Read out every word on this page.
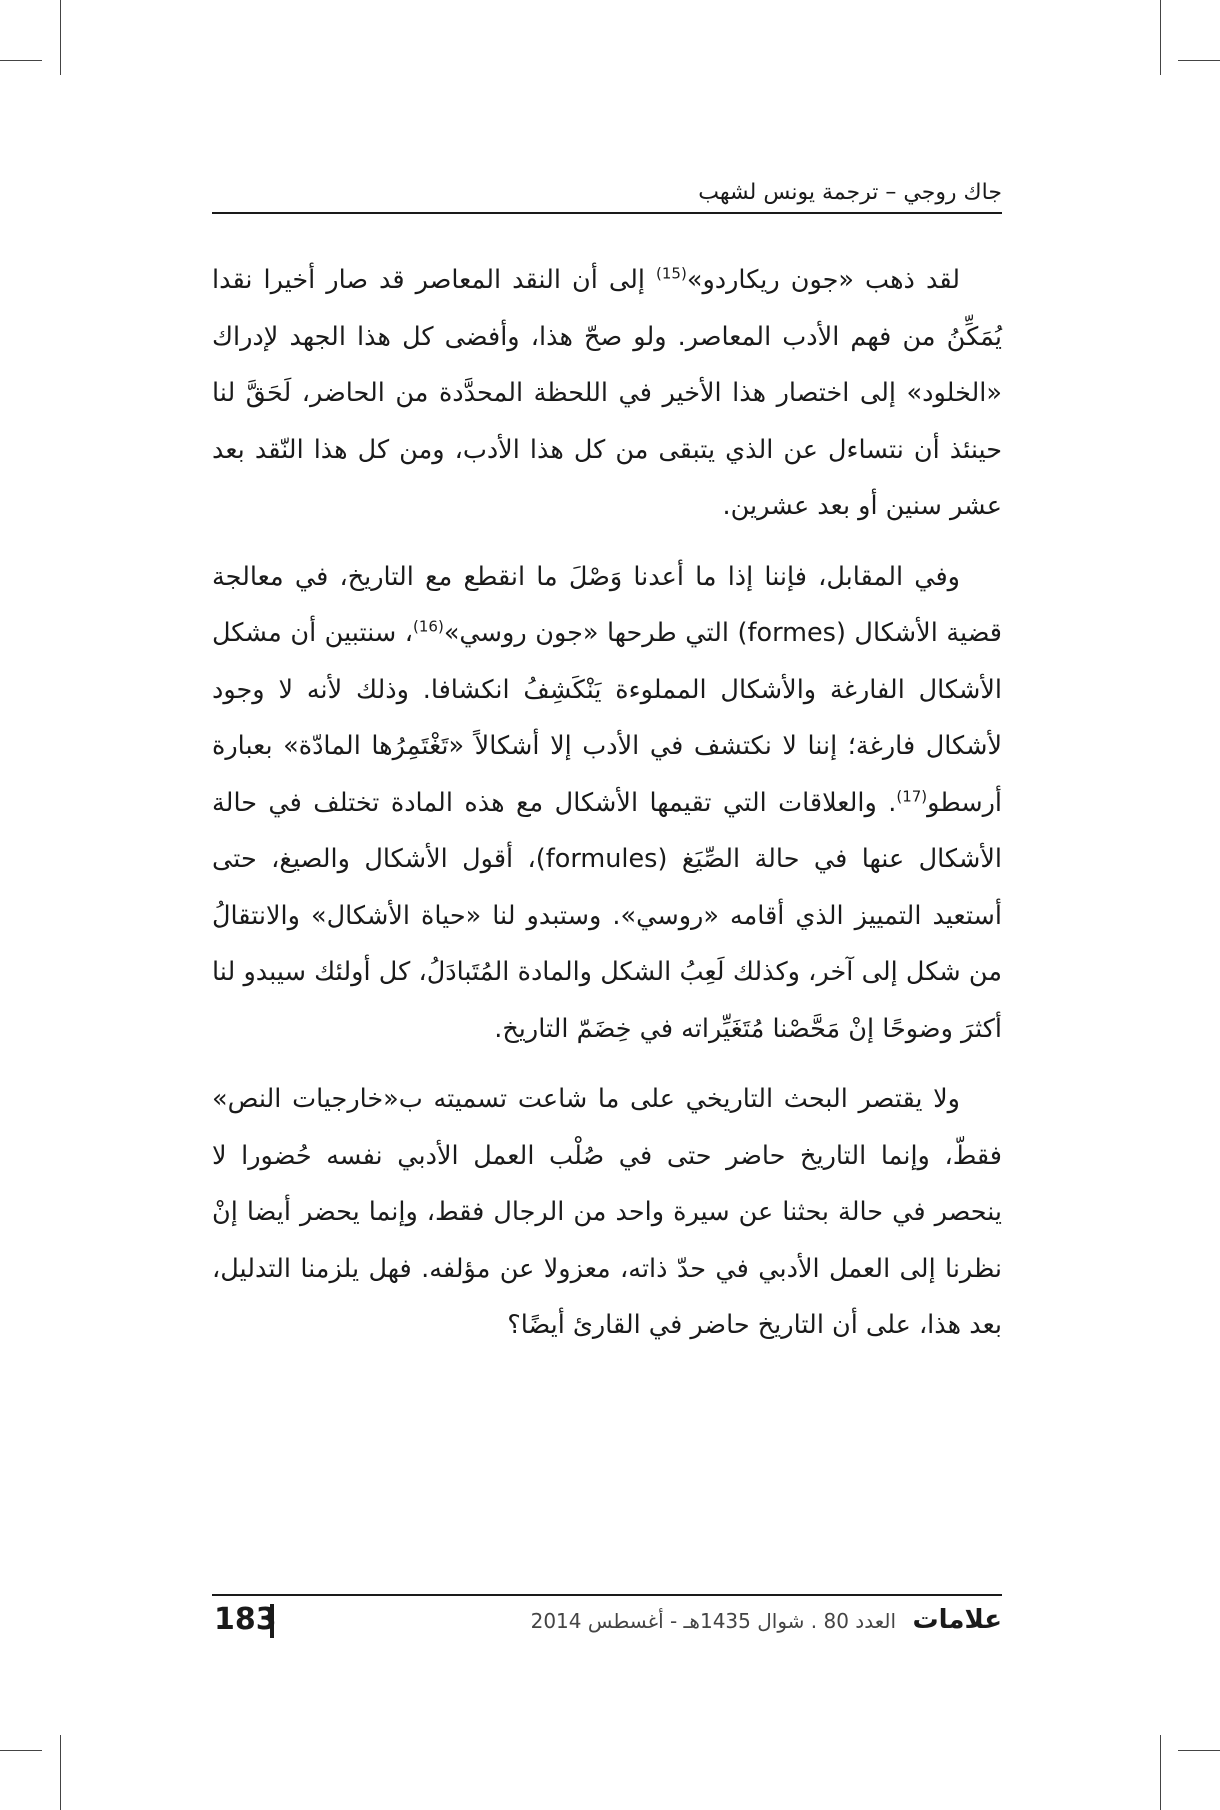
جاك روجي – ترجمة يونس لشهب

لقد ذهب «جون ريكاردو»$^{(15)}$ إلى أن النقد المعاصر قد صار أخيرا نقدا يُمَكِّنُ من فهم الأدب المعاصر. ولو صحّ هذا، وأفضى كل هذا الجهد لإدراك «الخلود» إلى اختصار هذا الأخير في اللحظة المحدَّدة من الحاضر، لَحَقَّ لنا حينئذ أن نتساءل عن الذي يتبقى من كل هذا الأدب، ومن كل هذا النّقد بعد عشر سنين أو بعد عشرين.

وفي المقابل، فإننا إذا ما أعدنا وَصْلَ ما انقطع مع التاريخ، في معالجة قضية الأشكال (formes) التي طرحها «جون روسي»$^{(16)}$، سنتبين أن مشكل الأشكال الفارغة والأشكال المملوءة يَنْكَشِفُ انكشافا. وذلك لأنه لا وجود لأشكال فارغة؛ إننا لا نكتشف في الأدب إلا أشكالاً «تَغْتَمِرُها المادّة» بعبارة أرسطو$^{(17)}$. والعلاقات التي تقيمها الأشكال مع هذه المادة تختلف في حالة الأشكال عنها في حالة الصِّيَغ (formules)، أقول الأشكال والصيغ، حتى أستعيد التمييز الذي أقامه «روسي». وستبدو لنا «حياة الأشكال» والانتقالُ من شكل إلى آخر، وكذلك لَعِبُ الشكل والمادة المُتَبادَلُ، كل أولئك سيبدو لنا أكثرَ وضوحًا إنْ مَحَّصْنا مُتَغَيِّراته في خِضَمّ التاريخ.

ولا يقتصر البحث التاريخي على ما شاعت تسميته ب«خارجيات النص» فقطّ، وإنما التاريخ حاضر حتى في صُلْب العمل الأدبي نفسه حُضورا لا ينحصر في حالة بحثنا عن سيرة واحد من الرجال فقط، وإنما يحضر أيضا إنْ نظرنا إلى العمل الأدبي في حدّ ذاته، معزولا عن مؤلفه. فهل يلزمنا التدليل، بعد هذا، على أن التاريخ حاضر في القارئ أيضًا؟

علامات
العدد 80 . شوال 1435هـ - أغسطس 2014
183
